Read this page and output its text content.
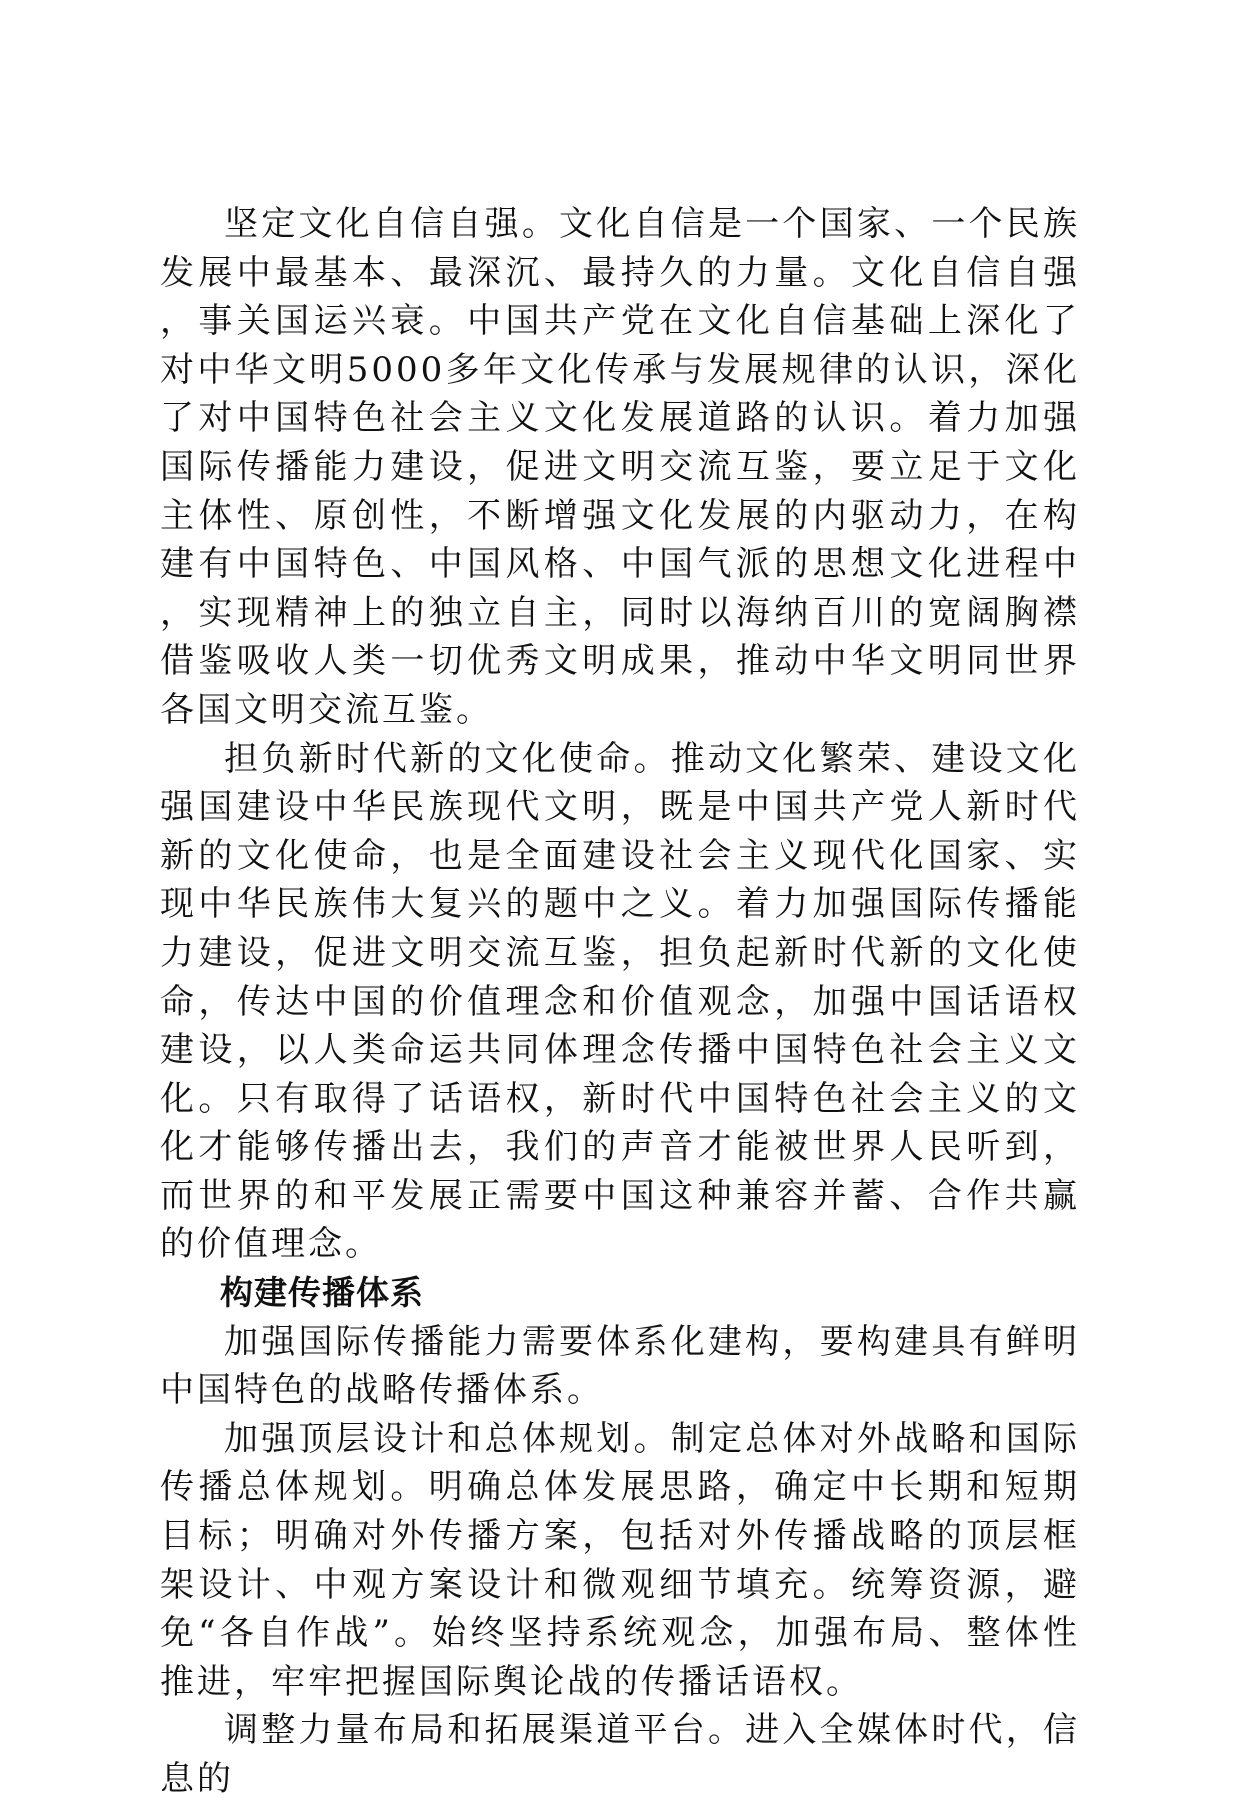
坚定文化自信自强。文化自信是一个国家、一个民族发展中最基本、最深沉、最持久的力量。文化自信自强，事关国运兴衰。中国共产党在文化自信基础上深化了对中华文明5000多年文化传承与发展规律的认识，深化了对中国特色社会主义文化发展道路的认识。着力加强国际传播能力建设，促进文明交流互鉴，要立足于文化主体性、原创性，不断增强文化发展的内驱动力，在构建有中国特色、中国风格、中国气派的思想文化进程中，实现精神上的独立自主，同时以海纳百川的宽阔胸襟借鉴吸收人类一切优秀文明成果，推动中华文明同世界各国文明交流互鉴。

担负新时代新的文化使命。推动文化繁荣、建设文化强国建设中华民族现代文明，既是中国共产党人新时代新的文化使命，也是全面建设社会主义现代化国家、实现中华民族伟大复兴的题中之义。着力加强国际传播能力建设，促进文明交流互鉴，担负起新时代新的文化使命，传达中国的价值理念和价值观念，加强中国话语权建设，以人类命运共同体理念传播中国特色社会主义文化。只有取得了话语权，新时代中国特色社会主义的文化才能够传播出去，我们的声音才能被世界人民听到，而世界的和平发展正需要中国这种兼容并蓄、合作共赢的价值理念。

构建传播体系

加强国际传播能力需要体系化建构，要构建具有鲜明中国特色的战略传播体系。

加强顶层设计和总体规划。制定总体对外战略和国际传播总体规划。明确总体发展思路，确定中长期和短期目标；明确对外传播方案，包括对外传播战略的顶层框架设计、中观方案设计和微观细节填充。统筹资源，避免“各自作战”。始终坚持系统观念，加强布局、整体性推进，牢牢把握国际舆论战的传播话语权。

调整力量布局和拓展渠道平台。进入全媒体时代，信息的
